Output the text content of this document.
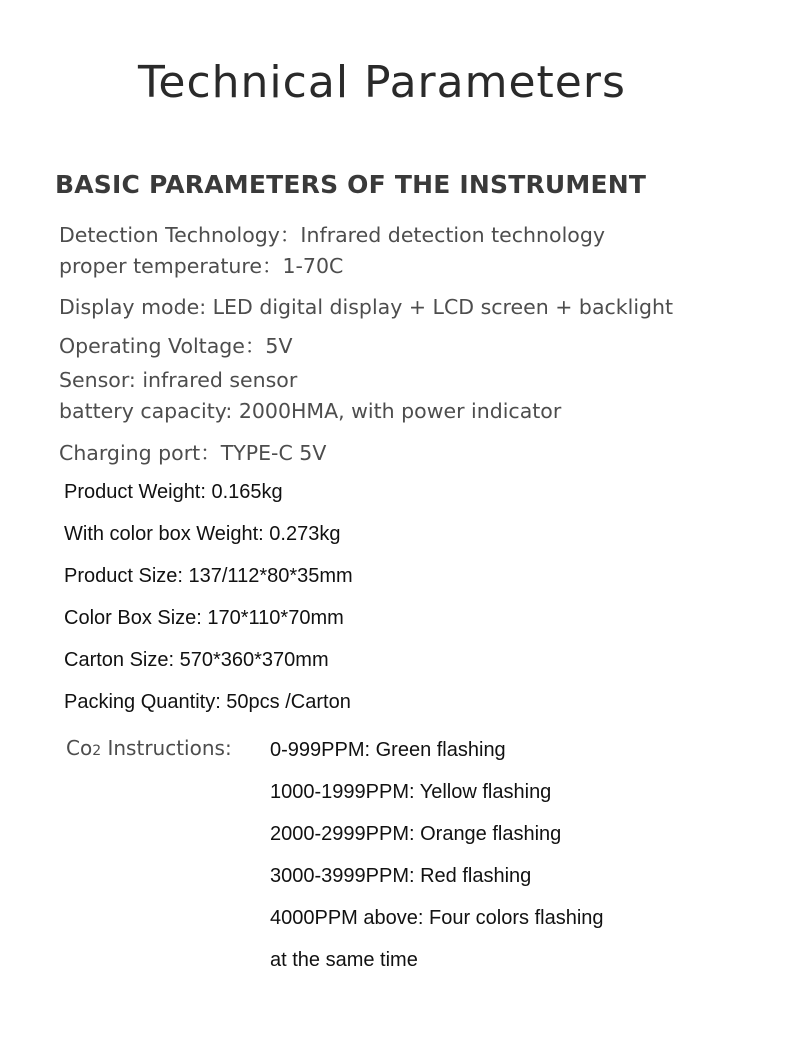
Technical Parameters
BASIC PARAMETERS OF THE INSTRUMENT
Detection Technology：Infrared detection technology
proper temperature：1-70C
Display mode: LED digital display + LCD screen + backlight
Operating Voltage：5V
Sensor: infrared sensor
battery capacity: 2000HMA, with power indicator
Charging port：TYPE-C 5V
Product Weight: 0.165kg
With color box Weight: 0.273kg
Product Size: 137/112*80*35mm
Color Box Size: 170*110*70mm
Carton Size: 570*360*370mm
Packing Quantity: 50pcs /Carton
Co2 Instructions: 0-999PPM: Green flashing
1000-1999PPM: Yellow flashing
2000-2999PPM: Orange flashing
3000-3999PPM: Red flashing
4000PPM above: Four colors flashing
at the same time
